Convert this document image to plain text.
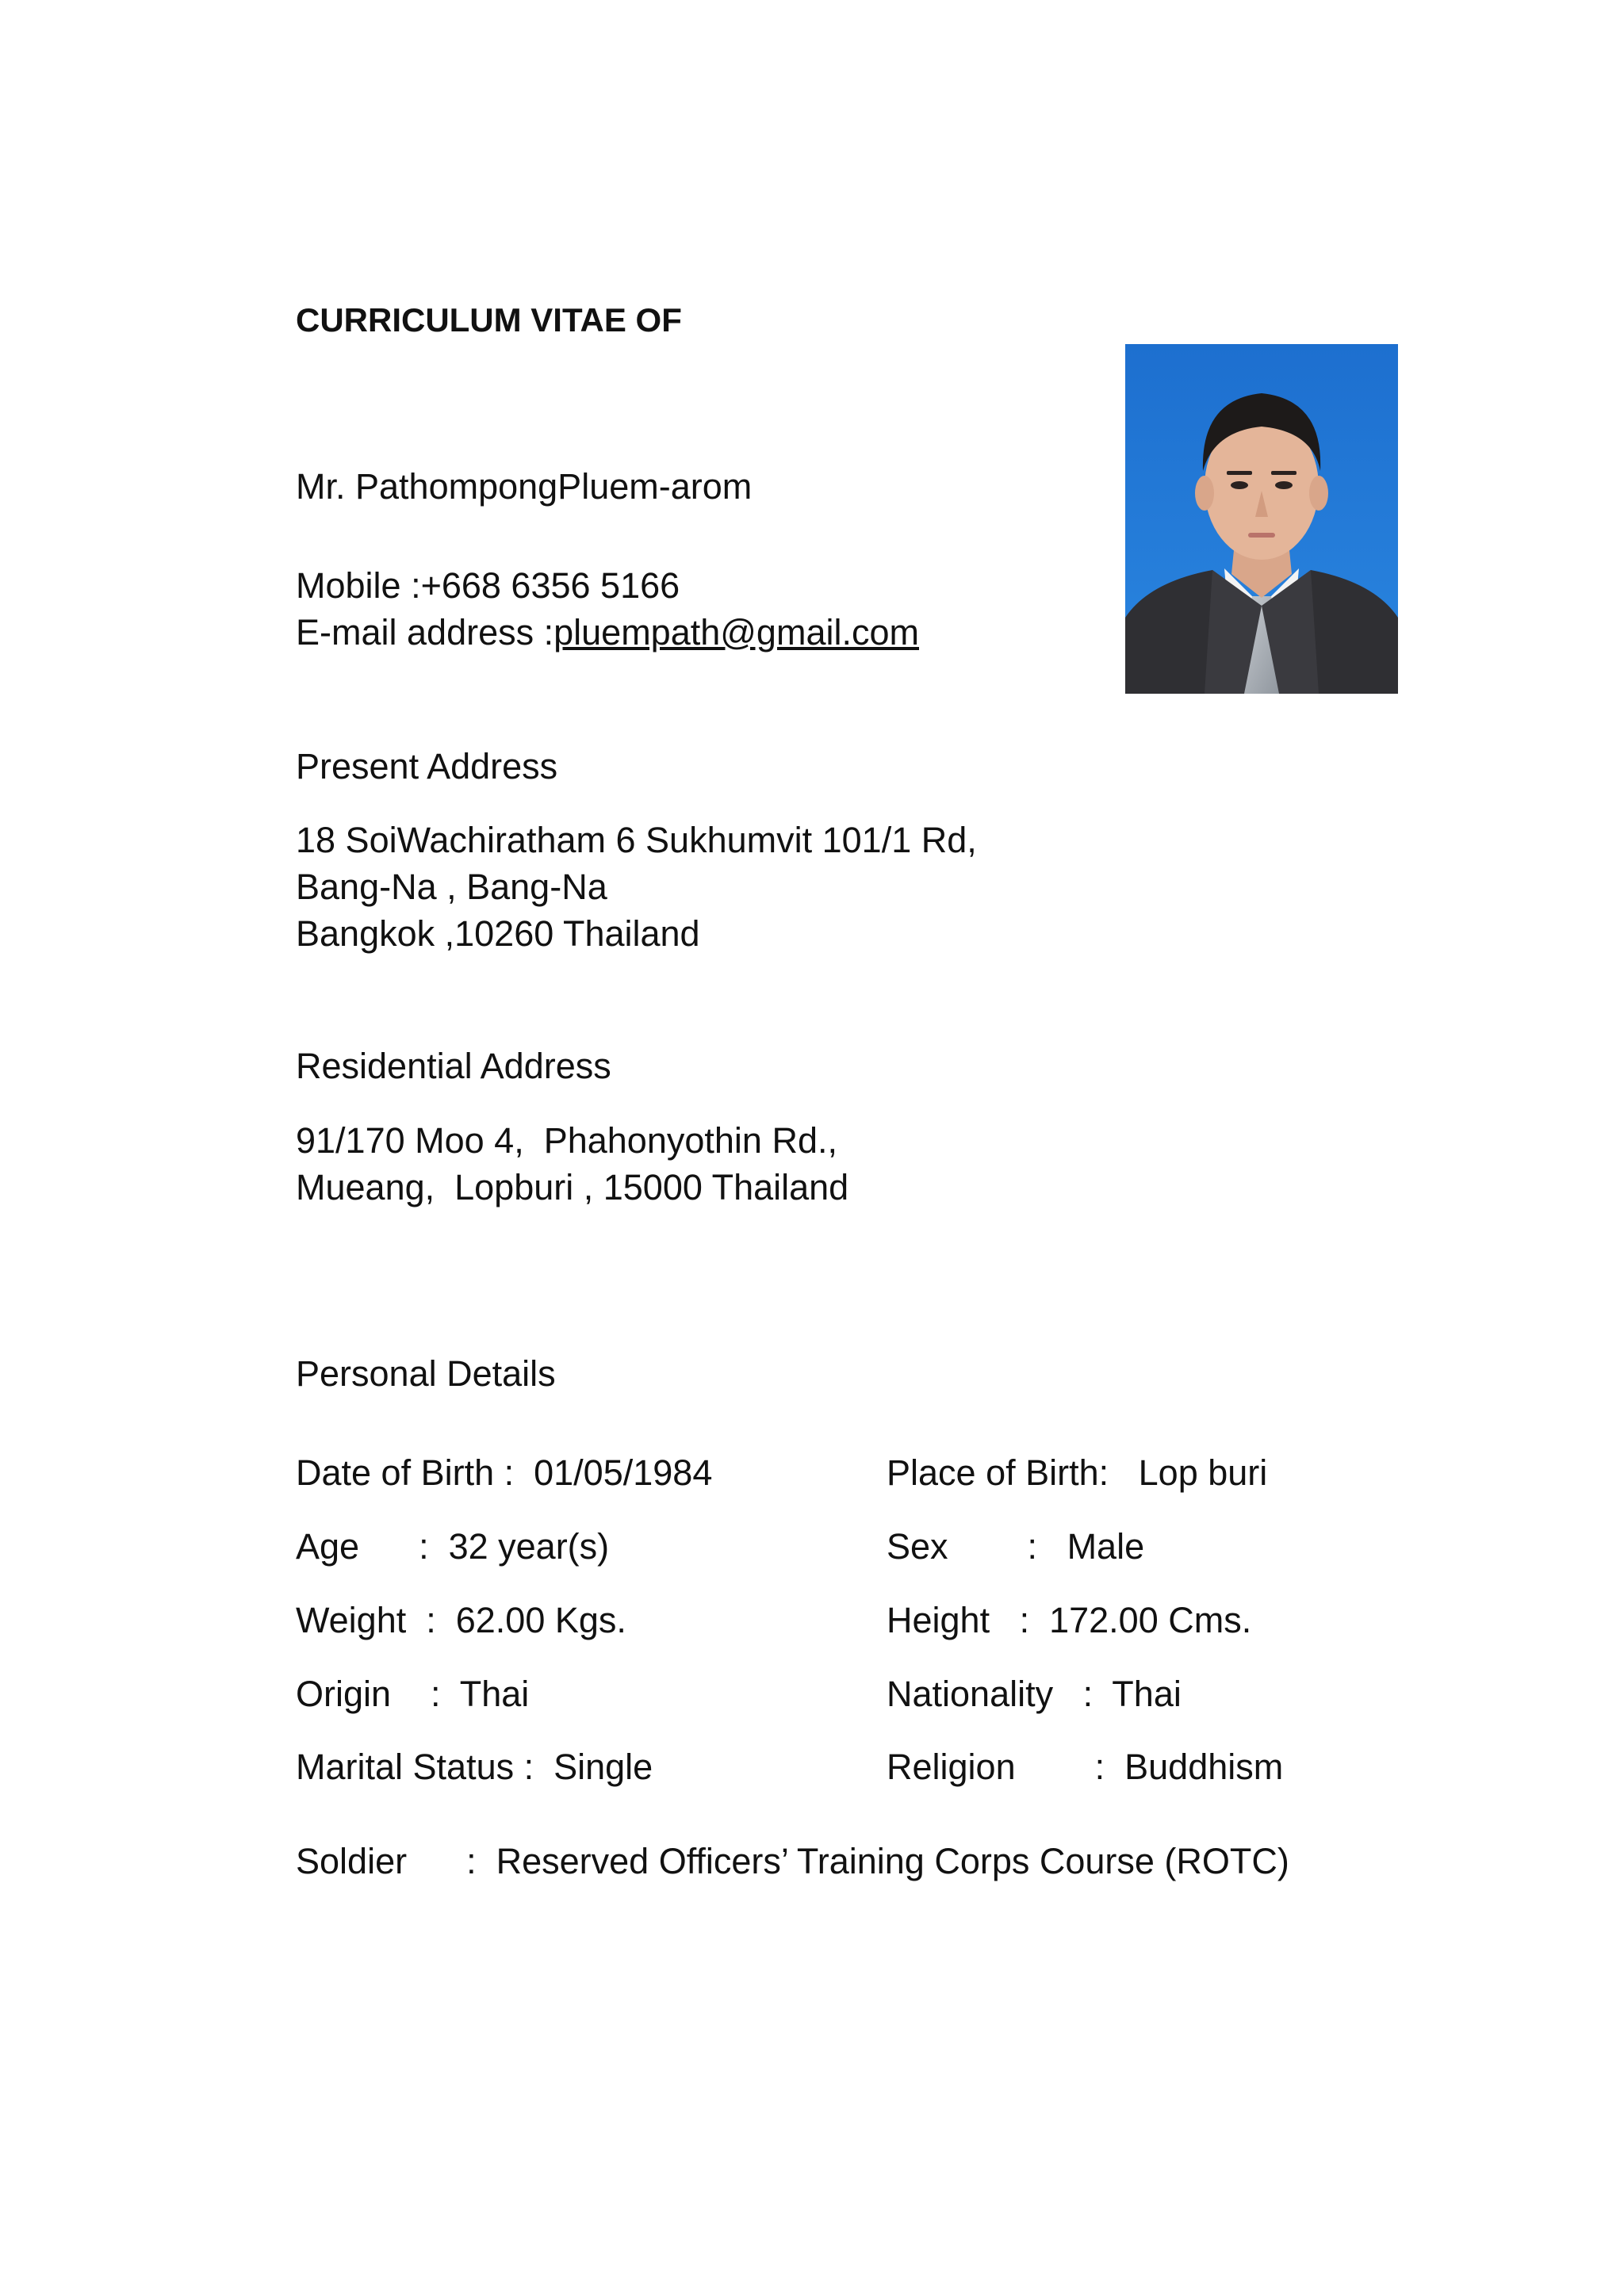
CURRICULUM VITAE OF
Mr. PathompongPluem-arom
Mobile :+668 6356 5166
E-mail address :pluempath@gmail.com
Present Address
18 SoiWachiratham 6 Sukhumvit 101/1 Rd,
Bang-Na , Bang-Na
Bangkok ,10260 Thailand
Residential Address
91/170 Moo 4,  Phahonyothin Rd.,
Mueang,  Lopburi , 15000 Thailand
Personal Details
Date of Birth :  01/05/1984	Place of Birth:   Lop buri
Age      :  32 year(s)	Sex        :   Male
Weight  :  62.00 Kgs.	Height   :  172.00 Cms.
Origin    :  Thai	Nationality   :  Thai
Marital Status :  Single	Religion        :  Buddhism
Soldier      :  Reserved Officers’ Training Corps Course (ROTC)
